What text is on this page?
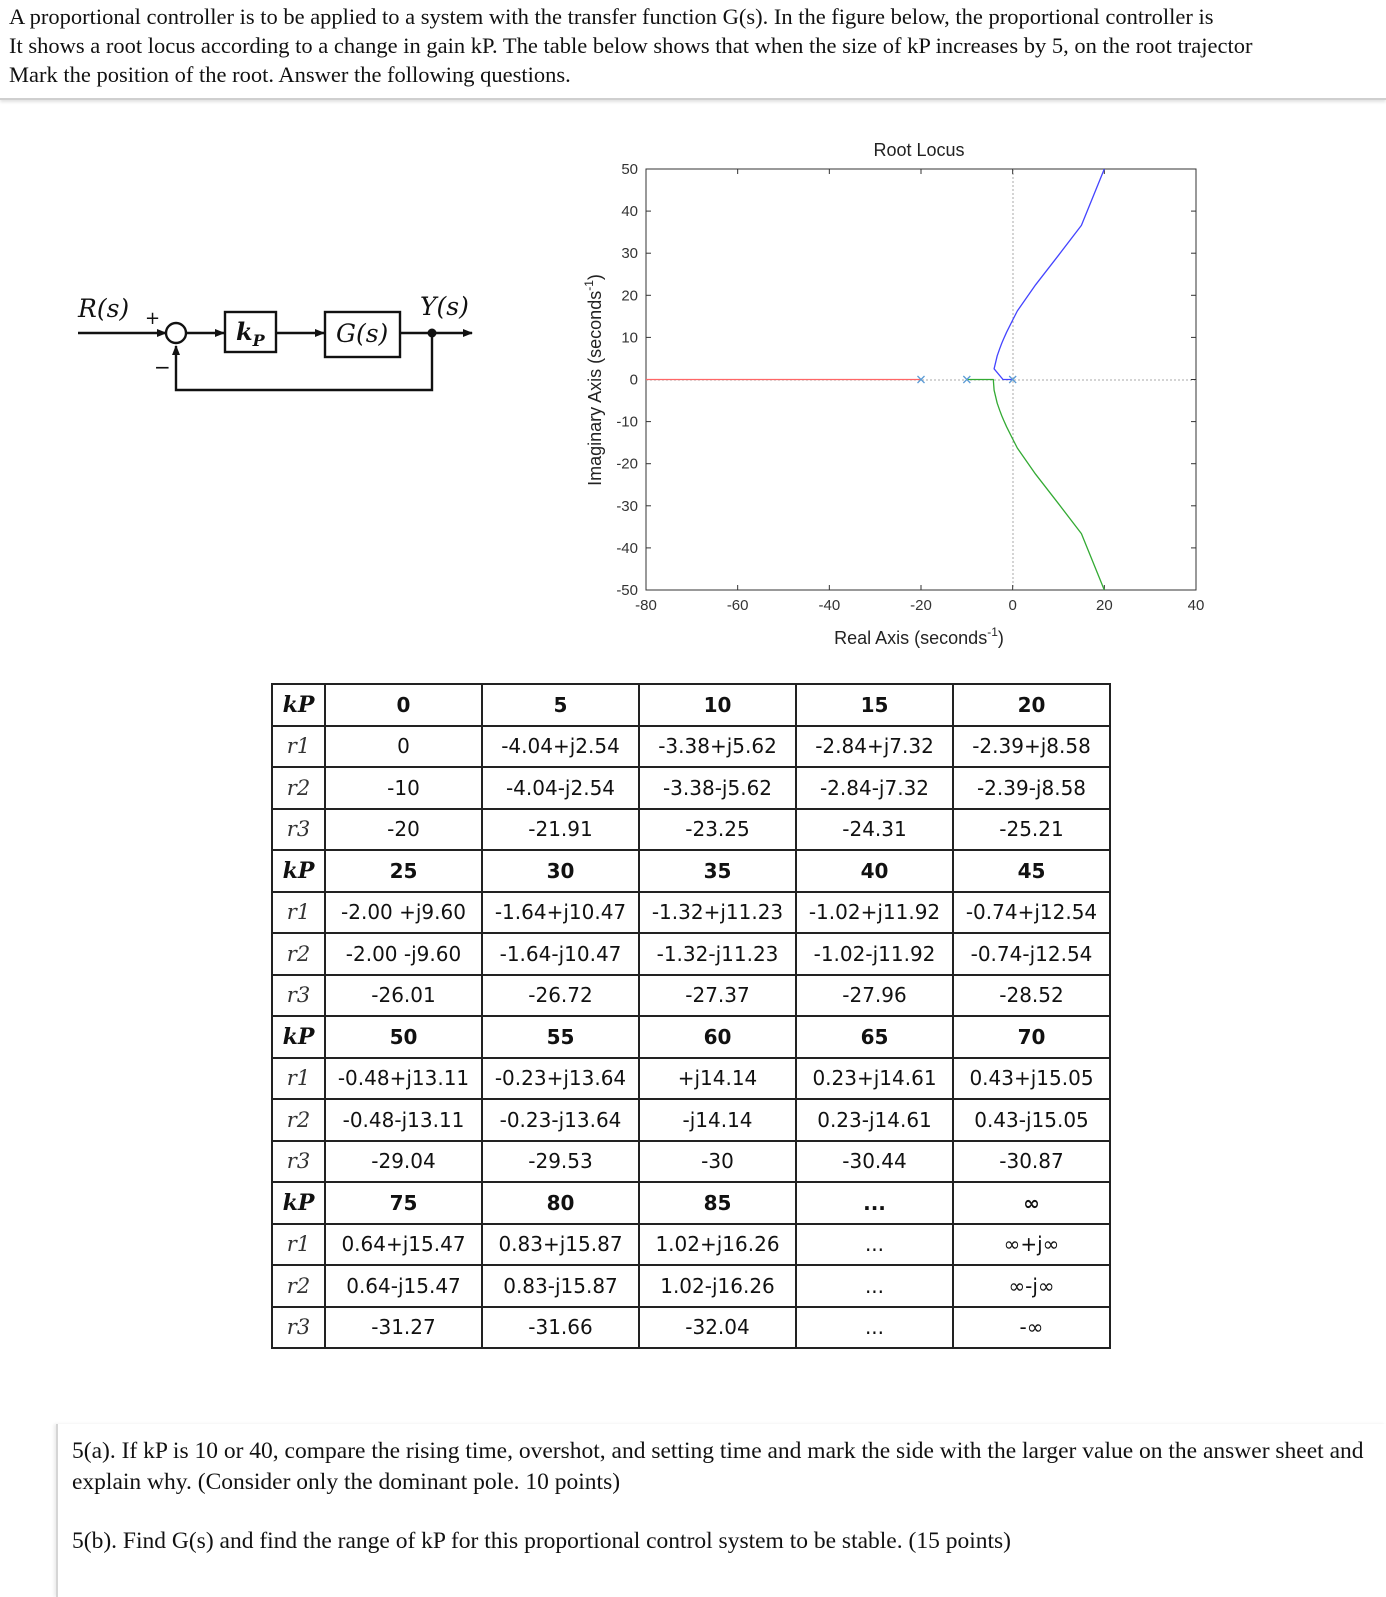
A proportional controller is to be applied to a system with the transfer function G(s). In the figure below, the proportional controller is
It shows a root locus according to a change in gain kP. The table below shows that when the size of kP increases by 5, on the root trajector
Mark the position of the root. Answer the following questions.
R(s) +
−
$k_P$	G(s)
Y(s)
Root Locus
-80	-60	-40	-20	0	20	40
50
40
30
20
10
0
-10
-20
-30
-40
-50
Real Axis (seconds$^{-1}$)
Imaginary Axis (seconds$^{-1}$)
kP	0	5	10	15	20
r1	0	-4.04+j2.54	-3.38+j5.62	-2.84+j7.32	-2.39+j8.58
r2	-10	-4.04-j2.54	-3.38-j5.62	-2.84-j7.32	-2.39-j8.58
r3	-20	-21.91	-23.25	-24.31	-25.21
kP	25	30	35	40	45
r1	-2.00 +j9.60	-1.64+j10.47	-1.32+j11.23	-1.02+j11.92	-0.74+j12.54
r2	-2.00 -j9.60	-1.64-j10.47	-1.32-j11.23	-1.02-j11.92	-0.74-j12.54
r3	-26.01	-26.72	-27.37	-27.96	-28.52
kP	50	55	60	65	70
r1	-0.48+j13.11	-0.23+j13.64	+j14.14	0.23+j14.61	0.43+j15.05
r2	-0.48-j13.11	-0.23-j13.64	-j14.14	0.23-j14.61	0.43-j15.05
r3	-29.04	-29.53	-30	-30.44	-30.87
kP	75	80	85	...	∞
r1	0.64+j15.47	0.83+j15.87	1.02+j16.26	...	∞+j∞
r2	0.64-j15.47	0.83-j15.87	1.02-j16.26	...	∞-j∞
r3	-31.27	-31.66	-32.04	...	-∞

5(a). If kP is 10 or 40, compare the rising time, overshot, and setting time and mark the side with the larger value on the answer sheet and explain why. (Consider only the dominant pole. 10 points)

5(b). Find G(s) and find the range of kP for this proportional control system to be stable. (15 points)
